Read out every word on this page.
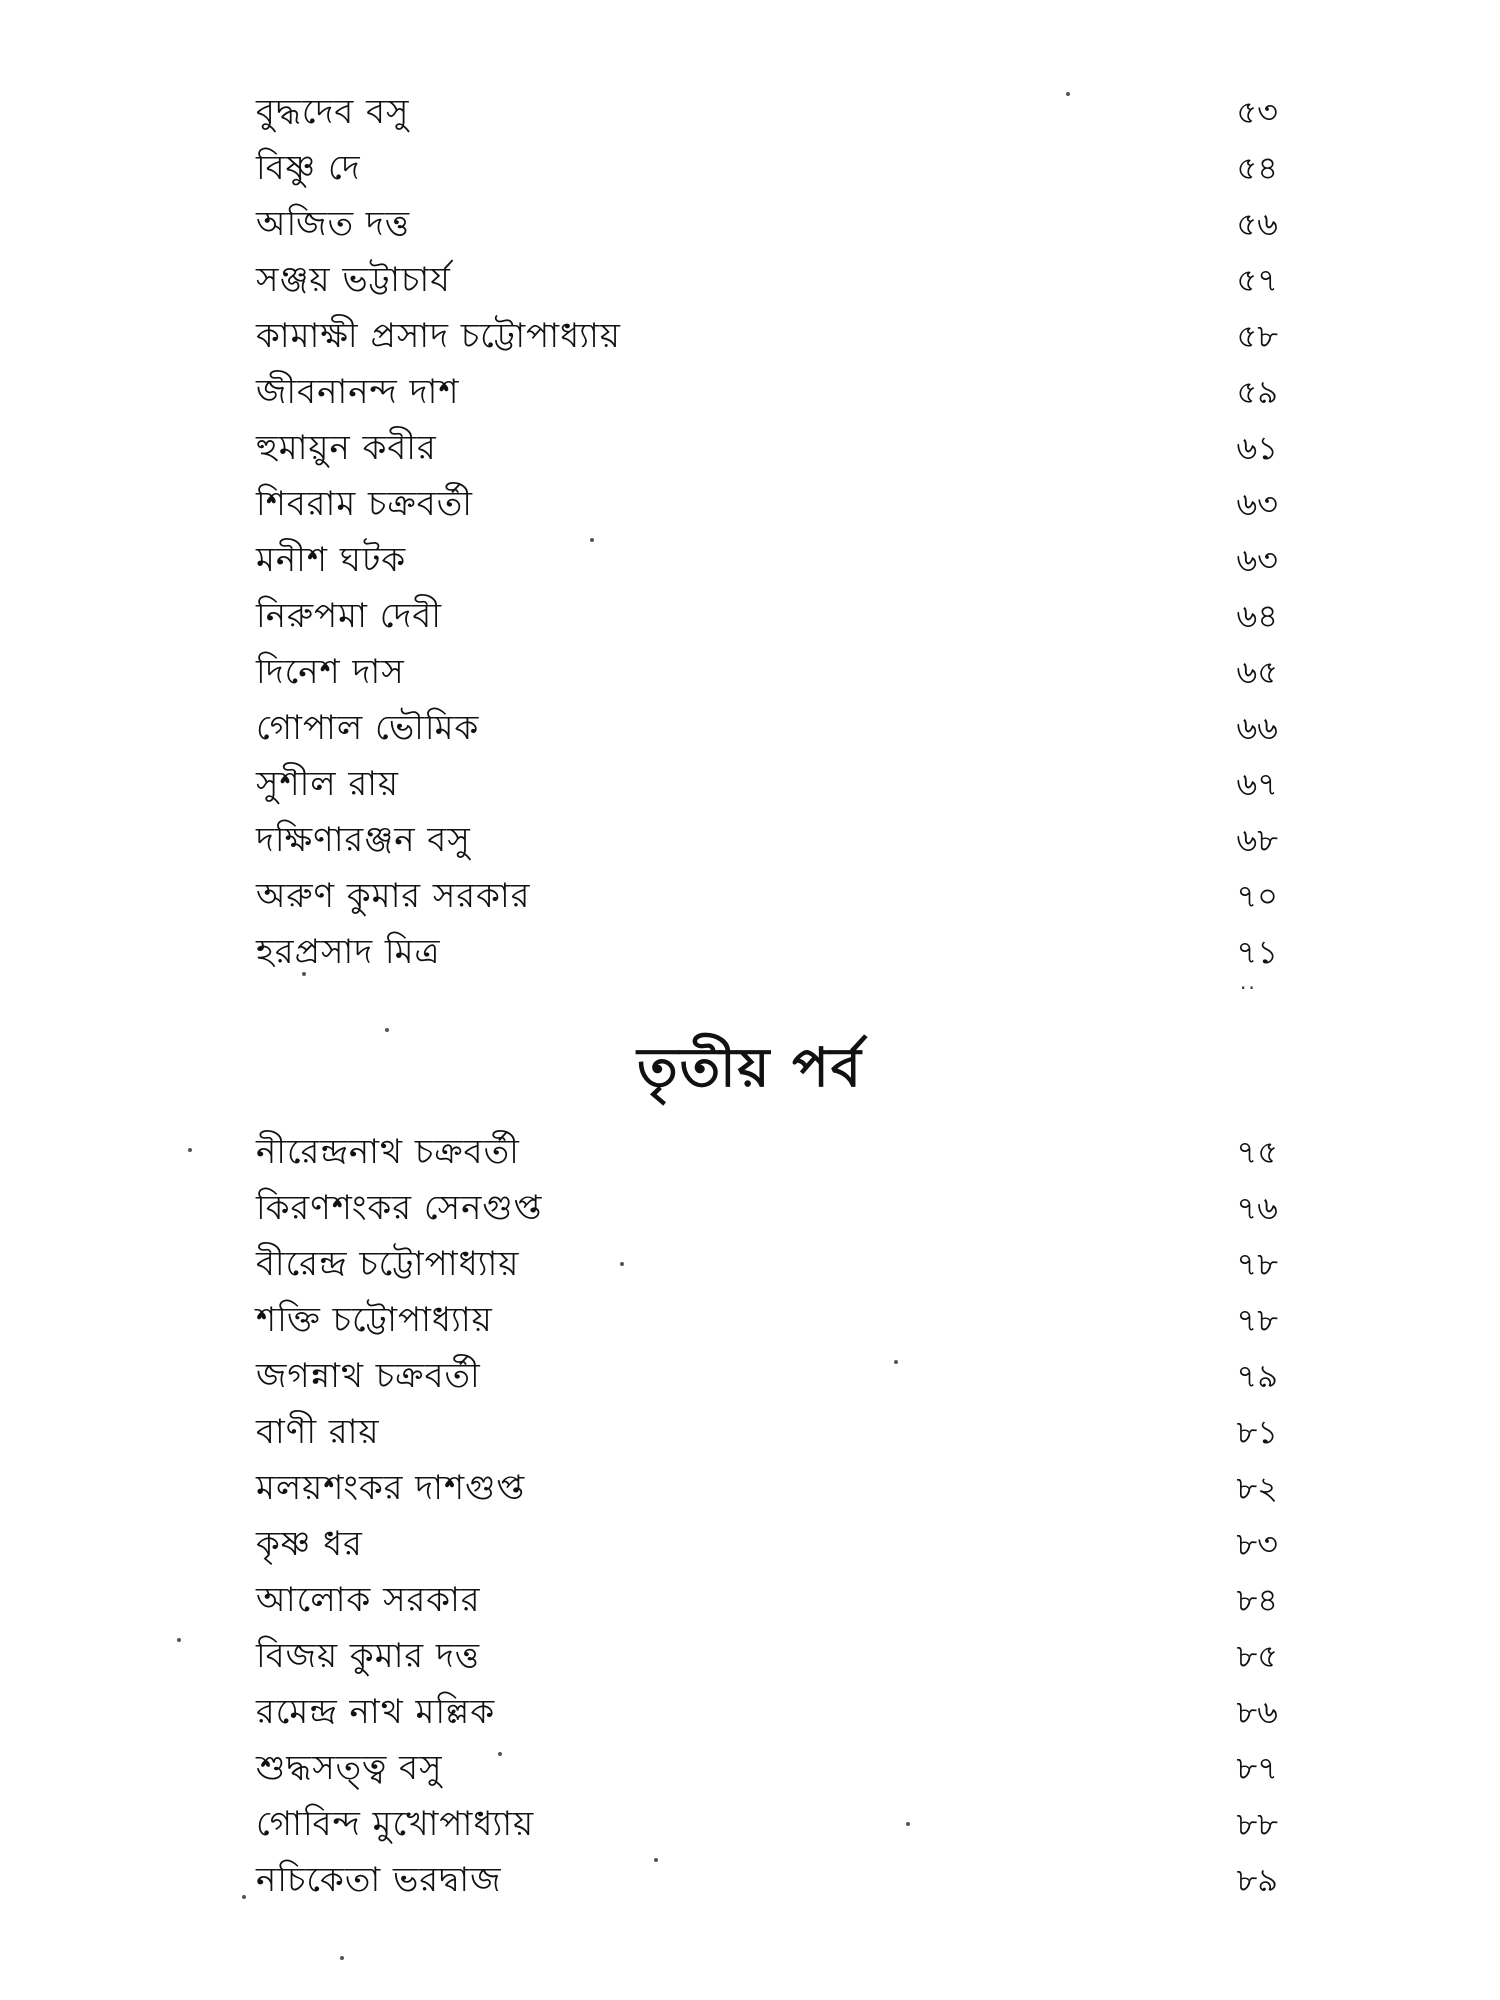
বুদ্ধদেব বসু	৫৩
বিষ্ণু দে	৫৪
অজিত দত্ত	৫৬
সঞ্জয় ভট্টাচার্য	৫৭
কামাক্ষী প্রসাদ চট্টোপাধ্যায়	৫৮
জীবনানন্দ দাশ	৫৯
হুমায়ুন কবীর	৬১
শিবরাম চক্রবর্তী	৬৩
মনীশ ঘটক	৬৩
নিরুপমা দেবী	৬৪
দিনেশ দাস	৬৫
গোপাল ভৌমিক	৬৬
সুশীল রায়	৬৭
দক্ষিণারঞ্জন বসু	৬৮
অরুণ কুমার সরকার	৭০
হরপ্রসাদ মিত্র	৭১
..
তৃতীয় পর্ব
নীরেন্দ্রনাথ চক্রবর্তী	৭৫
কিরণশংকর সেনগুপ্ত	৭৬
বীরেন্দ্র চট্টোপাধ্যায়	৭৮
শক্তি চট্টোপাধ্যায়	৭৮
জগন্নাথ চক্রবর্তী	৭৯
বাণী রায়	৮১
মলয়শংকর দাশগুপ্ত	৮২
কৃষ্ণ ধর	৮৩
আলোক সরকার	৮৪
বিজয় কুমার দত্ত	৮৫
রমেন্দ্র নাথ মল্লিক	৮৬
শুদ্ধসত্ত্ব বসু	৮৭
গোবিন্দ মুখোপাধ্যায়	৮৮
নচিকেতা ভরদ্বাজ	৮৯
